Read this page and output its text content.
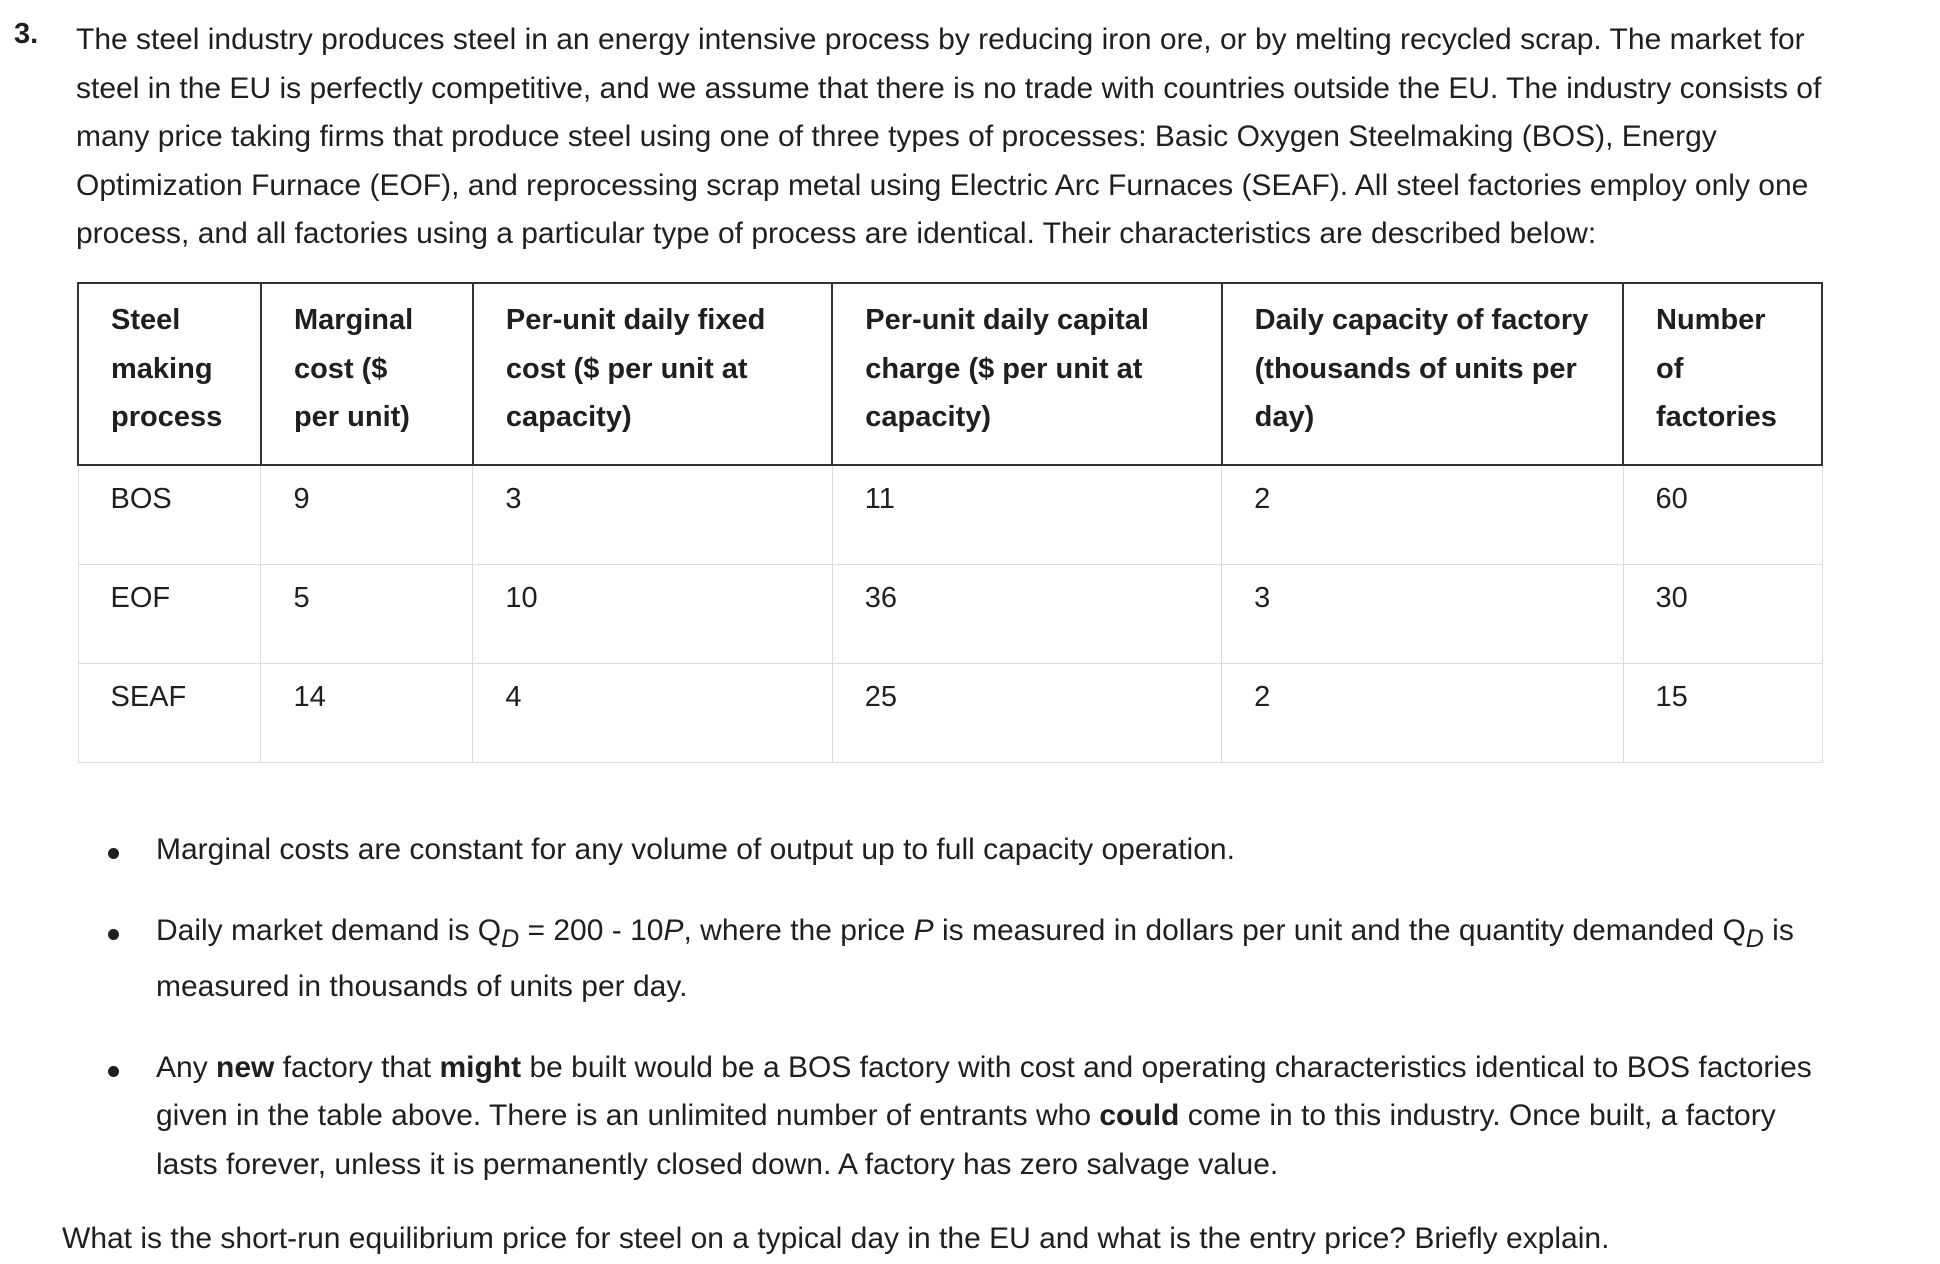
3. The steel industry produces steel in an energy intensive process by reducing iron ore, or by melting recycled scrap. The market for steel in the EU is perfectly competitive, and we assume that there is no trade with countries outside the EU. The industry consists of many price taking firms that produce steel using one of three types of processes: Basic Oxygen Steelmaking (BOS), Energy Optimization Furnace (EOF), and reprocessing scrap metal using Electric Arc Furnaces (SEAF). All steel factories employ only one process, and all factories using a particular type of process are identical. Their characteristics are described below:

Steel making process	Marginal cost ($ per unit)	Per-unit daily fixed cost ($ per unit at capacity)	Per-unit daily capital charge ($ per unit at capacity)	Daily capacity of factory (thousands of units per day)	Number of factories
BOS	9	3	11	2	60
EOF	5	10	36	3	30
SEAF	14	4	25	2	15
Marginal costs are constant for any volume of output up to full capacity operation.
Daily market demand is $Q_D = 200 - 10P$, where the price P is measured in dollars per unit and the quantity demanded $Q_D$ is measured in thousands of units per day.
Any new factory that might be built would be a BOS factory with cost and operating characteristics identical to BOS factories given in the table above. There is an unlimited number of entrants who could come in to this industry. Once built, a factory lasts forever, unless it is permanently closed down. A factory has zero salvage value.

What is the short-run equilibrium price for steel on a typical day in the EU and what is the entry price? Briefly explain.
